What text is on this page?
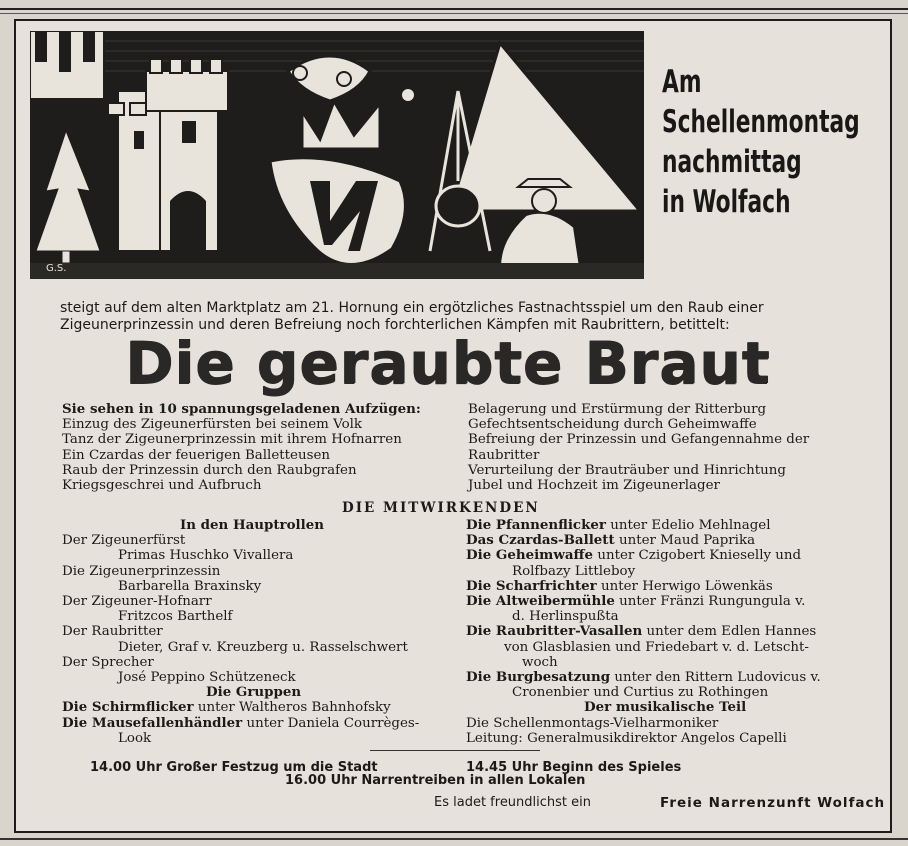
G.S.
Am
Schellenmontag
nachmittag
in Wolfach
steigt auf dem alten Marktplatz am 21. Hornung ein ergötzliches Fastnachtsspiel um den Raub einer
Zigeunerprinzessin und deren Befreiung noch forchterlichen Kämpfen mit Raubrittern, betittelt:
Die geraubte Braut
Sie sehen in 10 spannungsgeladenen Aufzügen:
Einzug des Zigeunerfürsten bei seinem Volk
Tanz der Zigeunerprinzessin mit ihrem Hofnarren
Ein Czardas der feuerigen Balletteusen
Raub der Prinzessin durch den Raubgrafen
Kriegsgeschrei und Aufbruch
Belagerung und Erstürmung der Ritterburg
Gefechtsentscheidung durch Geheimwaffe
Befreiung der Prinzessin und Gefangennahme der
Raubritter
Verurteilung der Brauträuber und Hinrichtung
Jubel und Hochzeit im Zigeunerlager
DIE MITWIRKENDEN
In den Hauptrollen
Der Zigeunerfürst
Primas Huschko Vivallera
Die Zigeunerprinzessin
Barbarella Braxinsky
Der Zigeuner-Hofnarr
Fritzcos Barthelf
Der Raubritter
Dieter, Graf v. Kreuzberg u. Rasselschwert
Der Sprecher
José Peppino Schützeneck
Die Gruppen
Die Schirmflicker unter Waltheros Bahnhofsky
Die Mausefallenhändler unter Daniela Courrèges-
Look
Die Pfannenflicker unter Edelio Mehlnagel
Das Czardas-Ballett unter Maud Paprika
Die Geheimwaffe unter Czigobert Knieselly und
Rolfbazy Littleboy
Die Scharfrichter unter Herwigo Löwenkäs
Die Altweibermühle unter Fränzi Rungungula v.
d. Herlinspußta
Die Raubritter-Vasallen unter dem Edlen Hannes
von Glasblasien und Friedebart v. d. Letscht-
woch
Die Burgbesatzung unter den Rittern Ludovicus v.
Cronenbier und Curtius zu Rothingen
Der musikalische Teil
Die Schellenmontags-Vielharmoniker
Leitung: Generalmusikdirektor Angelos Capelli
14.00 Uhr Großer Festzug um die Stadt	14.45 Uhr Beginn des Spieles
16.00 Uhr Narrentreiben in allen Lokalen
Es ladet freundlichst ein	Freie Narrenzunft Wolfach
